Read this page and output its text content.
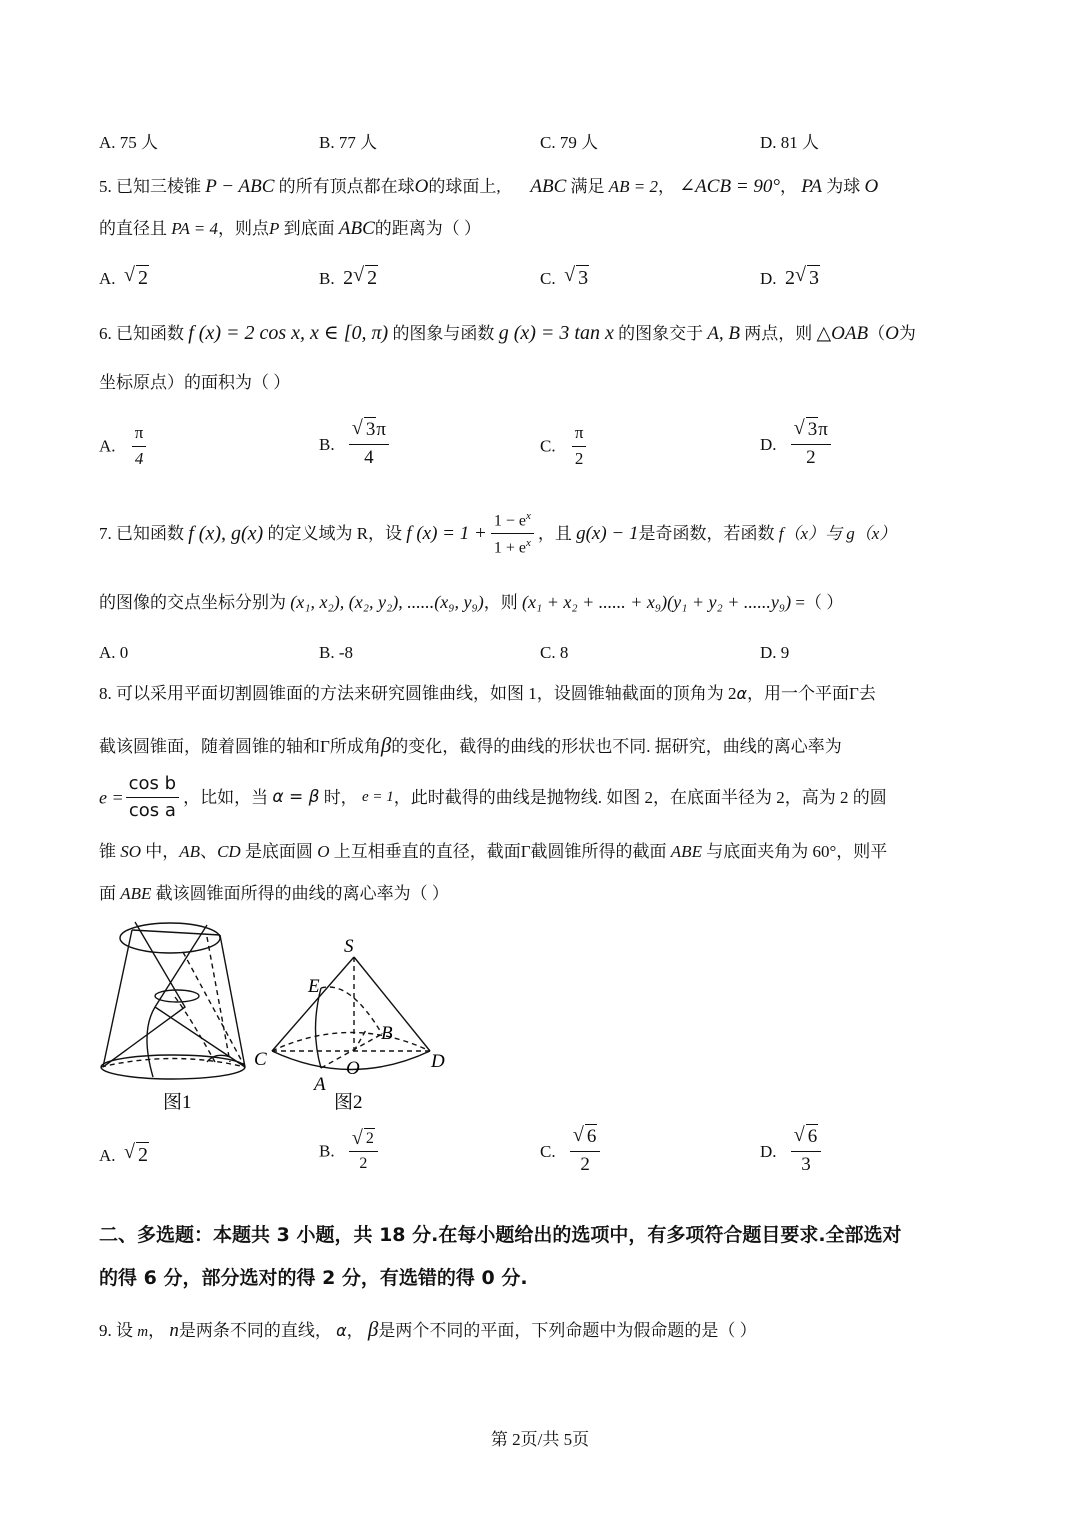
A. 75 人	B. 77 人	C. 79 人	D. 81 人
5. 已知三棱锥 P − ABC 的所有顶点都在球O的球面上, ABC 满足 AB = 2， ∠ACB = 90°， PA 为球 O
的直径且 PA = 4，则点P 到底面 ABC的距离为（ ）
A. √ 2	B. 2 √ 2	C. √ 3	D. 2 √ 3
6. 已知函数 f (x) = 2 cos x, x ∈ [0, π) 的图象与函数 g (x) = 3 tan x 的图象交于 A, B 两点，则 △OAB（O为
坐标原点）的面积为（ ）
A. $\frac{\pi}{4}$	B. $\frac{√ 3\pi}{4}$	C. $\frac{\pi}{2}$	D. $\frac{√ 3\pi}{2}$
7. 已知函数 f (x), g(x) 的定义域为 R，设 f $(x) = 1 + \frac{1 - e^x}{1 + e^x}$ ，且 g(x) − 1是奇函数，若函数 f（x）与 g（x）
的图像的交点坐标分别为 (x₁, x₂), (x₂, y₂), ......(x₉, y₉)，则 (x₁ + x₂ + ...... + x₉)(y₁ + y₂ + ......y₉) =（ ）
A. 0	B. -8	C. 8	D. 9
8. 可以采用平面切割圆锥面的方法来研究圆锥曲线，如图 1，设圆锥轴截面的顶角为 2α，用一个平面Γ去
截该圆锥面，随着圆锥的轴和Γ所成角β的变化，截得的曲线的形状也不同. 据研究，曲线的离心率为
$e = \frac{\text{cos b}}{\text{cos a}}$ ，比如，当 α = β 时， e = 1，此时截得的曲线是抛物线. 如图 2，在底面半径为 2，高为 2 的圆
锥 SO 中，AB、CD 是底面圆 O 上互相垂直的直径，截面Γ截圆锥所得的截面 ABE 与底面夹角为 60°，则平
面 ABE 截该圆锥面所得的曲线的离心率为（ ）
图1
S
E
B
C	O	D
A
图2
A. √ 2	B. $\frac{√ 2}{2}$	C. $\frac{√ 6}{2}$	D. $\frac{√ 6}{3}$
二、多选题：本题共 3 小题，共 18 分.在每小题给出的选项中，有多项符合题目要求.全部选对
的得 6 分，部分选对的得 2 分，有选错的得 0 分.
9. 设 m， n是两条不同的直线， α， β是两个不同的平面，下列命题中为假命题的是（ ）
第 2页/共 5页
